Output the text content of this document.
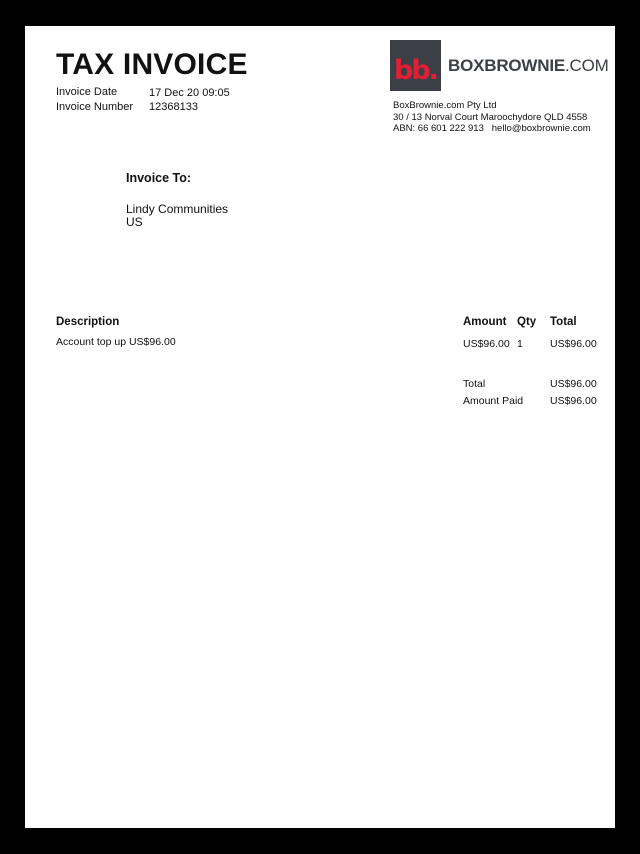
TAX INVOICE
Invoice Date	17 Dec 20 09:05
Invoice Number 12368133
bb. BOXBROWNIE.COM
BoxBrownie.com Pty Ltd
30 / 13 Norval Court Maroochydore QLD 4558
ABN: 66 601 222 913   hello@boxbrownie.com
Invoice To:
Lindy Communities
US
Description	Amount Qty Total
Account top up US$96.00	US$96.00 1	US$96.00
Total	US$96.00
Amount Paid	US$96.00
